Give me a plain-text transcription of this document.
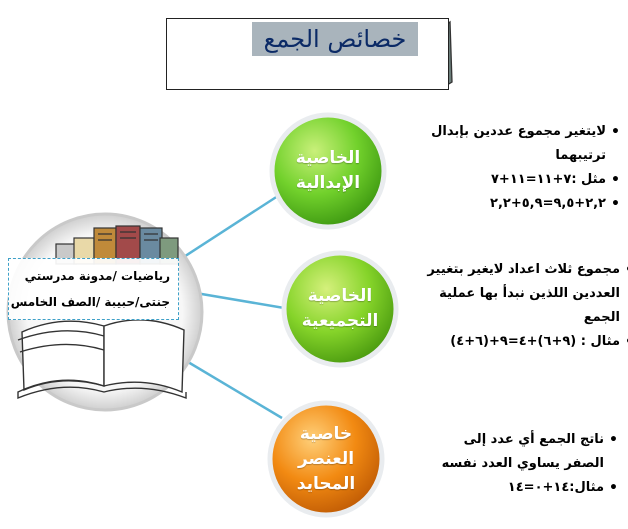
خصائص الجمع
الخاصية
الإبدالية
الخاصية
التجميعية
خاصية
العنصر
المحايد
رياضيات /مدونة مدرستي
جنتى/حبيبة /الصف الخامس
• لايتغير مجموع عددين بإبدال ترتيبهما
• مثل :٧+١١=١١+٧
• ٢,٢+٩,٥=٥,٩+٢,٢
• مجموع ثلاث اعداد لايغير بتغيير العددين اللذين نبدأ بها عملية الجمع
• مثال : (٩+٦)+٤=٩+(٦+٤)
• ناتج الجمع أي عدد إلى الصفر يساوي العدد نفسه
• مثال:١٤+٠=١٤
